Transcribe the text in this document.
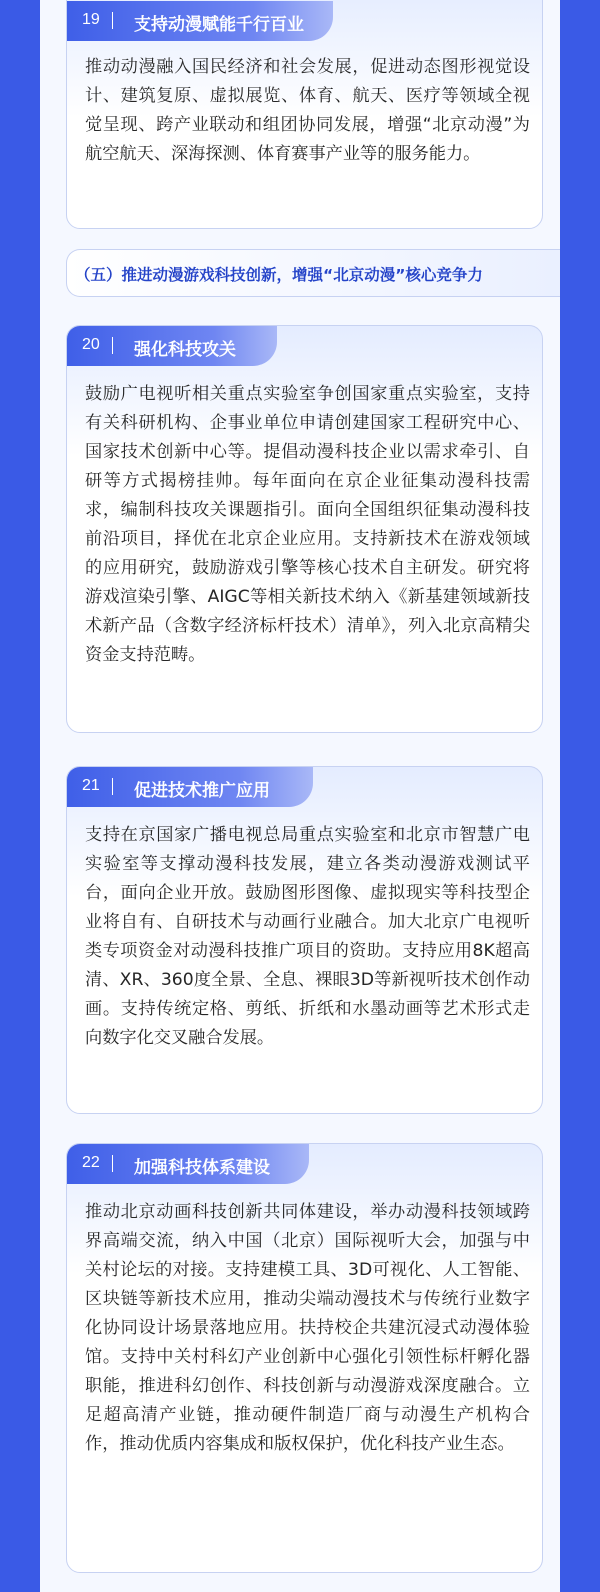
19 支持动漫赋能千行百业
推动动漫融入国民经济和社会发展，促进动态图形视觉设计、建筑复原、虚拟展览、体育、航天、医疗等领域全视觉呈现、跨产业联动和组团协同发展，增强“北京动漫”为航空航天、深海探测、体育赛事产业等的服务能力。
（五）推进动漫游戏科技创新，增强“北京动漫”核心竞争力
20 强化科技攻关
鼓励广电视听相关重点实验室争创国家重点实验室，支持有关科研机构、企事业单位申请创建国家工程研究中心、国家技术创新中心等。提倡动漫科技企业以需求牵引、自研等方式揭榜挂帅。每年面向在京企业征集动漫科技需求，编制科技攻关课题指引。面向全国组织征集动漫科技前沿项目，择优在北京企业应用。支持新技术在游戏领域的应用研究，鼓励游戏引擎等核心技术自主研发。研究将游戏渲染引擎、AIGC等相关新技术纳入《新基建领域新技术新产品（含数字经济标杆技术）清单》，列入北京高精尖资金支持范畴。
21 促进技术推广应用
支持在京国家广播电视总局重点实验室和北京市智慧广电实验室等支撑动漫科技发展，建立各类动漫游戏测试平台，面向企业开放。鼓励图形图像、虚拟现实等科技型企业将自有、自研技术与动画行业融合。加大北京广电视听类专项资金对动漫科技推广项目的资助。支持应用8K超高清、XR、360度全景、全息、裸眼3D等新视听技术创作动画。支持传统定格、剪纸、折纸和水墨动画等艺术形式走向数字化交叉融合发展。
22 加强科技体系建设
推动北京动画科技创新共同体建设，举办动漫科技领域跨界高端交流，纳入中国（北京）国际视听大会，加强与中关村论坛的对接。支持建模工具、3D可视化、人工智能、区块链等新技术应用，推动尖端动漫技术与传统行业数字化协同设计场景落地应用。扶持校企共建沉浸式动漫体验馆。支持中关村科幻产业创新中心强化引领性标杆孵化器职能，推进科幻创作、科技创新与动漫游戏深度融合。立足超高清产业链，推动硬件制造厂商与动漫生产机构合作，推动优质内容集成和版权保护，优化科技产业生态。
